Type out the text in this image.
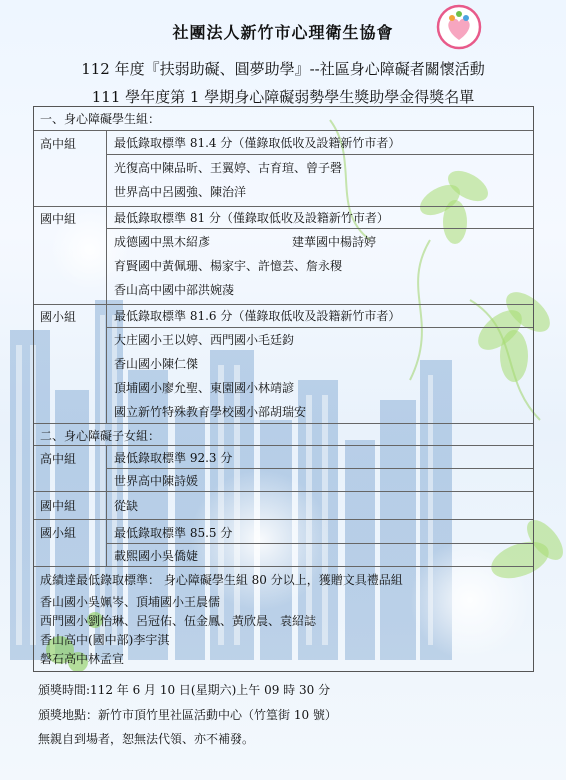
社團法人新竹市心理衛生協會
112 年度『扶弱助礙、圓夢助學』--社區身心障礙者關懷活動
111 學年度第 1 學期身心障礙弱勢學生獎助學金得獎名單
一、身心障礙學生組：
高中組	最低錄取標準 81.4 分（僅錄取低收及設籍新竹市者）
光復高中陳品昕、王翼婷、古育瑄、曾子磬
世界高中呂國強、陳治洋
國中組	最低錄取標準 81 分（僅錄取低收及設籍新竹市者）
成德國中黑木紹彥	建華國中楊詩婷
育賢國中黃佩珊、楊家宇、許憶芸、詹永稷
香山高中國中部洪婉蓤
國小組	最低錄取標準 81.6 分（僅錄取低收及設籍新竹市者）
大庄國小王以婷、西門國小毛廷鈞
香山國小陳仁傑
頂埔國小廖允聖、東園國小林靖諺
國立新竹特殊教育學校國小部胡瑞安
二、身心障礙子女組：
高中組	最低錄取標準 92.3 分
世界高中陳詩媛
國中組	從缺
國小組	最低錄取標準 85.5 分
載熙國小吳僑婕
成績達最低錄取標準： 身心障礙學生組 80 分以上，獲贈文具禮品組
香山國小吳姵岑、頂埔國小王晨儒
西門國小劉怡琳、呂冠佑、伍金鳳、黃欣晨、袁紹誌
香山高中(國中部)李宇淇
磐石高中林孟宣
頒獎時間:112 年 6 月 10 日(星期六)上午 09 時 30 分
頒獎地點：新竹市頂竹里社區活動中心（竹篁街 10 號）
無親自到場者，恕無法代領、亦不補發。
